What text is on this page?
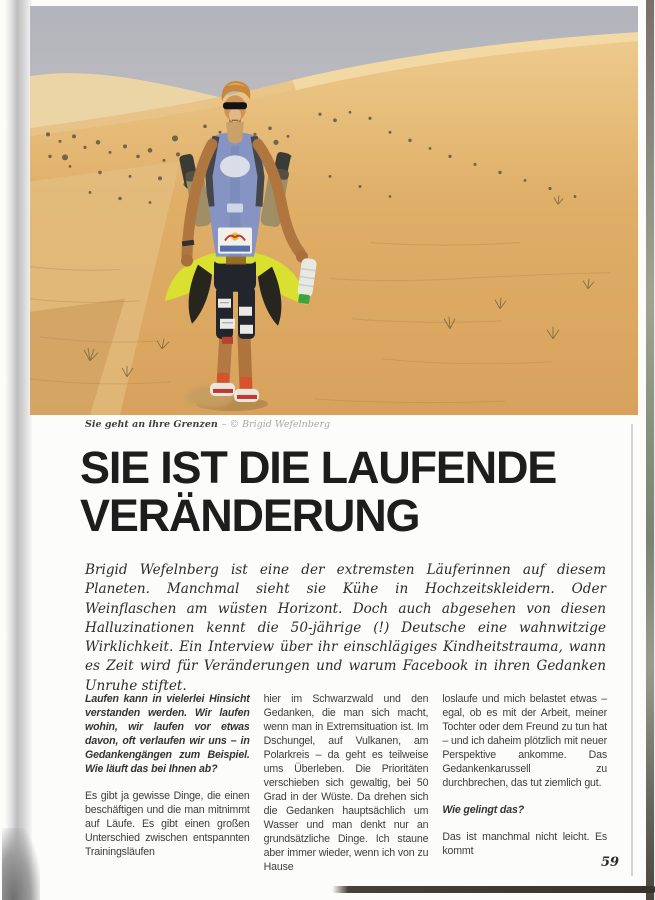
Sie geht an ihre Grenzen – © Brigid Wefelnberg
SIE IST DIE LAUFENDE
VERÄNDERUNG

Brigid Wefelnberg ist eine der extremsten Läuferinnen auf diesem Planeten. Manchmal sieht sie Kühe in Hochzeitskleidern. Oder Weinflaschen am wüsten Horizont. Doch auch abgesehen von diesen Halluzinationen kennt die 50-jährige (!) Deutsche eine wahnwitzige Wirklichkeit. Ein Interview über ihr einschlägiges Kindheitstrauma, wann es Zeit wird für Veränderungen und warum Facebook in ihren Gedanken Unruhe stiftet.

Laufen kann in vielerlei Hinsicht verstanden werden. Wir laufen wohin, wir laufen vor etwas davon, oft verlaufen wir uns – in Gedankengängen zum Beispiel. Wie läuft das bei Ihnen ab?

Es gibt ja gewisse Dinge, die einen beschäftigen und die man mitnimmt auf Läufe. Es gibt einen großen Unterschied zwischen entspannten Trainingsläufen

hier im Schwarzwald und den Gedanken, die man sich macht, wenn man in Extremsituation ist. Im Dschungel, auf Vulkanen, am Polarkreis – da geht es teilweise ums Überleben. Die Prioritäten verschieben sich gewaltig, bei 50 Grad in der Wüste. Da drehen sich die Gedanken hauptsächlich um Wasser und man denkt nur an grundsätzliche Dinge. Ich staune aber immer wieder, wenn ich von zu Hause

loslaufe und mich belastet etwas – egal, ob es mit der Arbeit, meiner Tochter oder dem Freund zu tun hat – und ich daheim plötzlich mit neuer Perspektive ankomme. Das Gedankenkarussell zu durchbrechen, das tut ziemlich gut.

Wie gelingt das?

Das ist manchmal nicht leicht. Es kommt

59
